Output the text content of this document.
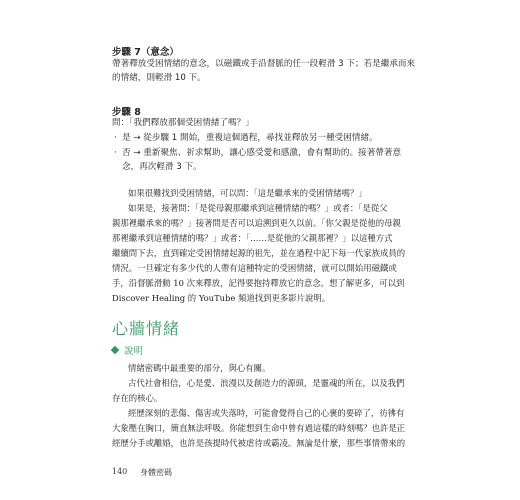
步驟 7（意念）
帶著釋放受困情緒的意念，以磁鐵或手沿督脈的任一段輕滑 3 下；若是繼承而來
的情緒，則輕滑 10 下。
步驟 8
問：「我們釋放那個受困情緒了嗎？」
· 是 → 從步驟 1 開始，重複這個過程，尋找並釋放另一種受困情緒。
· 否 → 重新聚焦、祈求幫助，讓心感受愛和感激，會有幫助的。接著帶著意
念，再次輕滑 3 下。
如果很難找到受困情緒，可以問：「這是繼承來的受困情緒嗎？」
如果是，接著問：「是從母親那繼承到這種情緒的嗎？」或者：「是從父
親那裡繼承來的嗎？」接著問是否可以追溯到更久以前。「你父親是從他的母親
那裡繼承到這種情緒的嗎？」或者：「……是從他的父親那裡？」以這種方式
繼續問下去，直到確定受困情緒起源的祖先，並在過程中記下每一代家族成員的
情況。一旦確定有多少代的人帶有這種特定的受困情緒，就可以開始用磁鐵或
手，沿督脈滑動 10 次來釋放，記得要抱持釋放它的意念。想了解更多，可以到
Discover Healing 的 YouTube 頻道找到更多影片說明。
心牆情緒
說明
情緒密碼中最重要的部分，與心有關。
古代社會相信，心是愛、浪漫以及創造力的源頭，是靈魂的所在，以及我們
存在的核心。
經歷深刻的悲傷、傷害或失落時，可能會覺得自己的心裹的要碎了，彷彿有
大象壓在胸口，簡直無法呼吸。你能想到生命中曾有過這樣的時刻嗎？也許是正
經歷分手或離婚，也許是孩提時代被虐待或霸凌。無論是什麼，那些事情帶來的
140 身體密碼
